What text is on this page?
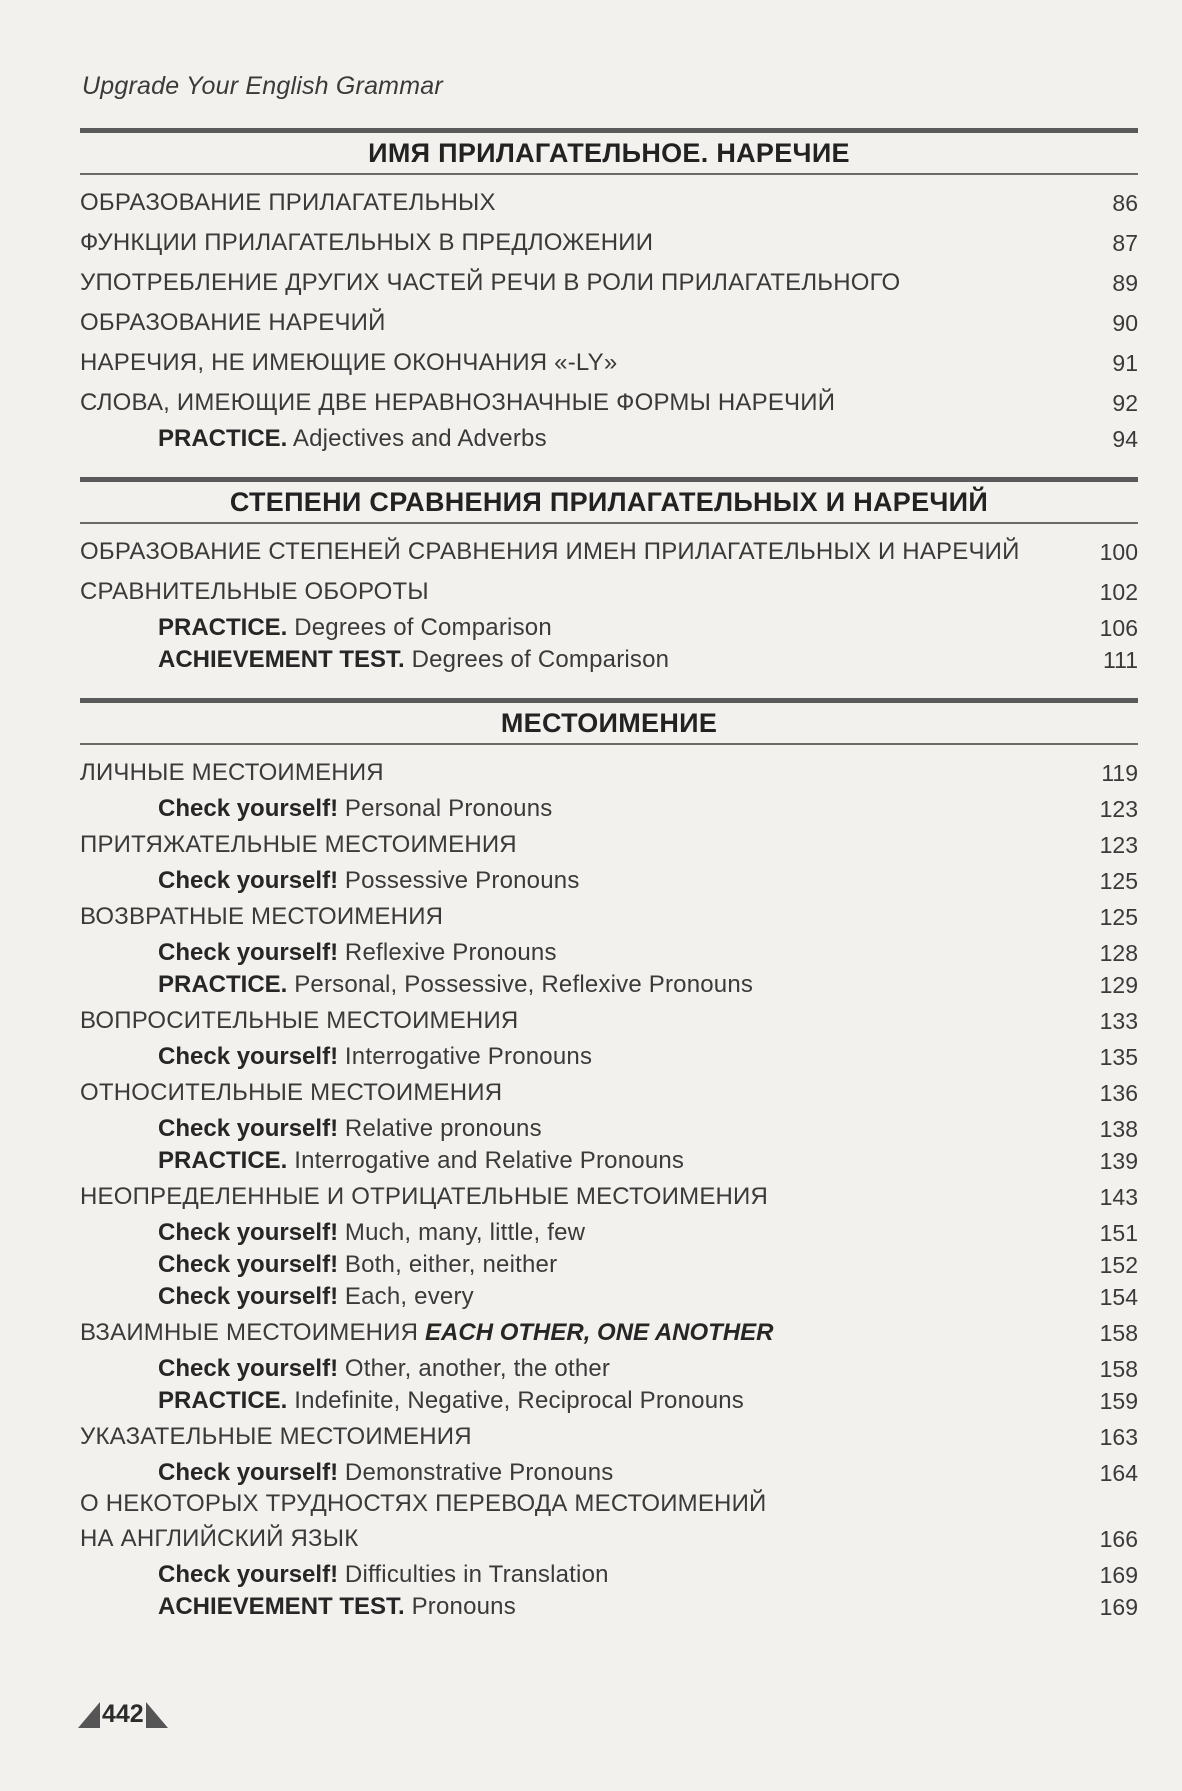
Upgrade Your English Grammar
ИМЯ ПРИЛАГАТЕЛЬНОЕ. НАРЕЧИЕ
ОБРАЗОВАНИЕ ПРИЛАГАТЕЛЬНЫХ	86
ФУНКЦИИ ПРИЛАГАТЕЛЬНЫХ В ПРЕДЛОЖЕНИИ	87
УПОТРЕБЛЕНИЕ ДРУГИХ ЧАСТЕЙ РЕЧИ В РОЛИ ПРИЛАГАТЕЛЬНОГО	89
ОБРАЗОВАНИЕ НАРЕЧИЙ	90
НАРЕЧИЯ, НЕ ИМЕЮЩИЕ ОКОНЧАНИЯ «-LY»	91
СЛОВА, ИМЕЮЩИЕ ДВЕ НЕРАВНОЗНАЧНЫЕ ФОРМЫ НАРЕЧИЙ	92
PRACTICE. Adjectives and Adverbs	94
СТЕПЕНИ СРАВНЕНИЯ ПРИЛАГАТЕЛЬНЫХ И НАРЕЧИЙ
ОБРАЗОВАНИЕ СТЕПЕНЕЙ СРАВНЕНИЯ ИМЕН ПРИЛАГАТЕЛЬНЫХ И НАРЕЧИЙ	100
СРАВНИТЕЛЬНЫЕ ОБОРОТЫ	102
PRACTICE. Degrees of Comparison	106
ACHIEVEMENT TEST. Degrees of Comparison	111
МЕСТОИМЕНИЕ
ЛИЧНЫЕ МЕСТОИМЕНИЯ	119
Check yourself! Personal Pronouns	123
ПРИТЯЖАТЕЛЬНЫЕ МЕСТОИМЕНИЯ	123
Check yourself! Possessive Pronouns	125
ВОЗВРАТНЫЕ МЕСТОИМЕНИЯ	125
Check yourself! Reflexive Pronouns	128
PRACTICE. Personal, Possessive, Reflexive Pronouns	129
ВОПРОСИТЕЛЬНЫЕ МЕСТОИМЕНИЯ	133
Check yourself! Interrogative Pronouns	135
ОТНОСИТЕЛЬНЫЕ МЕСТОИМЕНИЯ	136
Check yourself! Relative pronouns	138
PRACTICE. Interrogative and Relative Pronouns	139
НЕОПРЕДЕЛЕННЫЕ И ОТРИЦАТЕЛЬНЫЕ МЕСТОИМЕНИЯ	143
Check yourself! Much, many, little, few	151
Check yourself! Both, either, neither	152
Check yourself! Each, every	154
ВЗАИМНЫЕ МЕСТОИМЕНИЯ EACH OTHER, ONE ANOTHER	158
Check yourself! Other, another, the other	158
PRACTICE. Indefinite, Negative, Reciprocal Pronouns	159
УКАЗАТЕЛЬНЫЕ МЕСТОИМЕНИЯ	163
Check yourself! Demonstrative Pronouns	164
О НЕКОТОРЫХ ТРУДНОСТЯХ ПЕРЕВОДА МЕСТОИМЕНИЙ
НА АНГЛИЙСКИЙ ЯЗЫК	166
Check yourself! Difficulties in Translation	169
ACHIEVEMENT TEST. Pronouns	169
442
